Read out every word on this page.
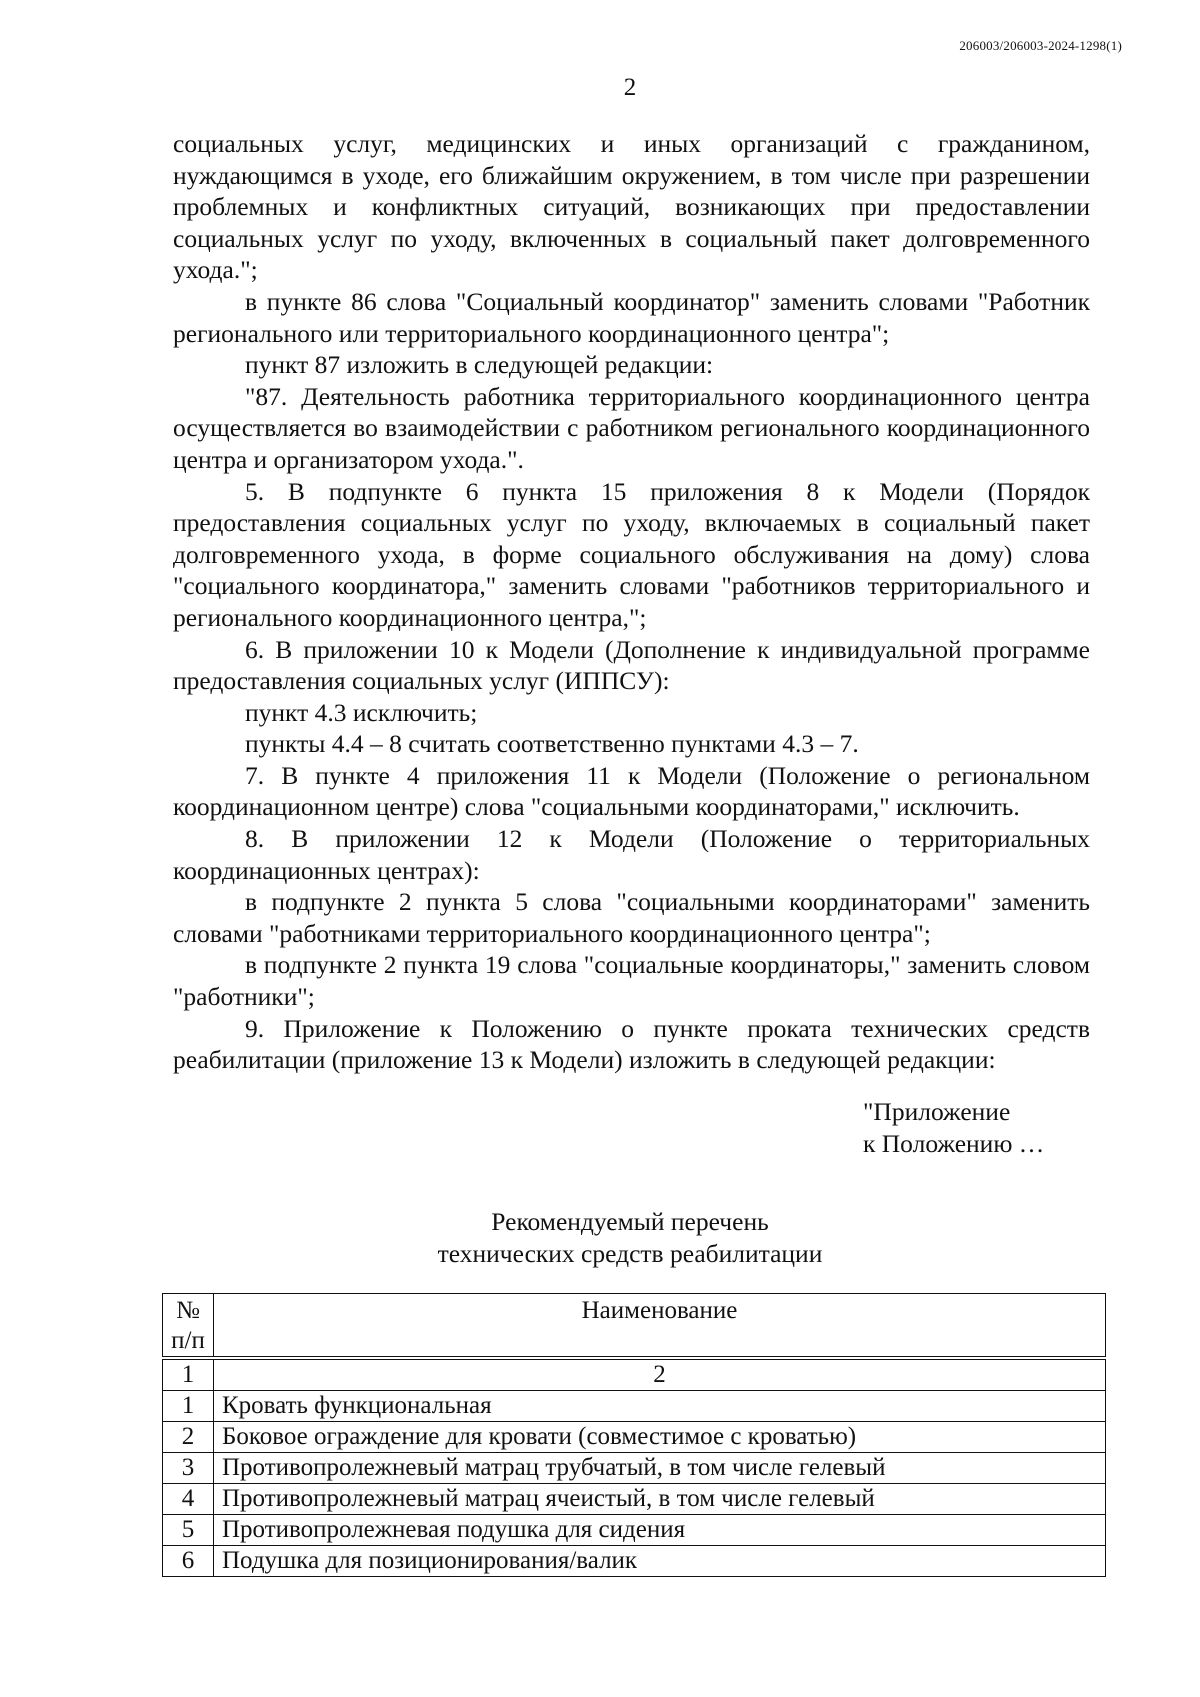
206003/206003-2024-1298(1)
2

социальных услуг, медицинских и иных организаций с гражданином, нуждающимся в уходе, его ближайшим окружением, в том числе при разрешении проблемных и конфликтных ситуаций, возникающих при предоставлении социальных услуг по уходу, включенных в социальный пакет долговременного ухода.";

в пункте 86 слова "Социальный координатор" заменить словами "Работник регионального или территориального координационного центра";

пункт 87 изложить в следующей редакции:

"87. Деятельность работника территориального координационного центра осуществляется во взаимодействии с работником регионального координационного центра и организатором ухода.".

5. В подпункте 6 пункта 15 приложения 8 к Модели (Порядок предоставления социальных услуг по уходу, включаемых в социальный пакет долговременного ухода, в форме социального обслуживания на дому) слова "социального координатора," заменить словами "работников территориального и регионального координационного центра,";

6. В приложении 10 к Модели (Дополнение к индивидуальной программе предоставления социальных услуг (ИППСУ):

пункт 4.3 исключить;

пункты 4.4 – 8 считать соответственно пунктами 4.3 – 7.

7. В пункте 4 приложения 11 к Модели (Положение о региональном координационном центре) слова "социальными координаторами," исключить.

8. В приложении 12 к Модели (Положение о территориальных координационных центрах):

в подпункте 2 пункта 5 слова "социальными координаторами" заменить словами "работниками территориального координационного центра";

в подпункте 2 пункта 19 слова "социальные координаторы," заменить словом "работники";

9. Приложение к Положению о пункте проката технических средств реабилитации (приложение 13 к Модели) изложить в следующей редакции:

"Приложение
к Положению …
Рекомендуемый перечень
технических средств реабилитации
№
п/п	Наименование
1	2
1	Кровать функциональная
2	Боковое ограждение для кровати (совместимое с кроватью)
3	Противопролежневый матрац трубчатый, в том числе гелевый
4	Противопролежневый матрац ячеистый, в том числе гелевый
5	Противопролежневая подушка для сидения
6	Подушка для позиционирования/валик
